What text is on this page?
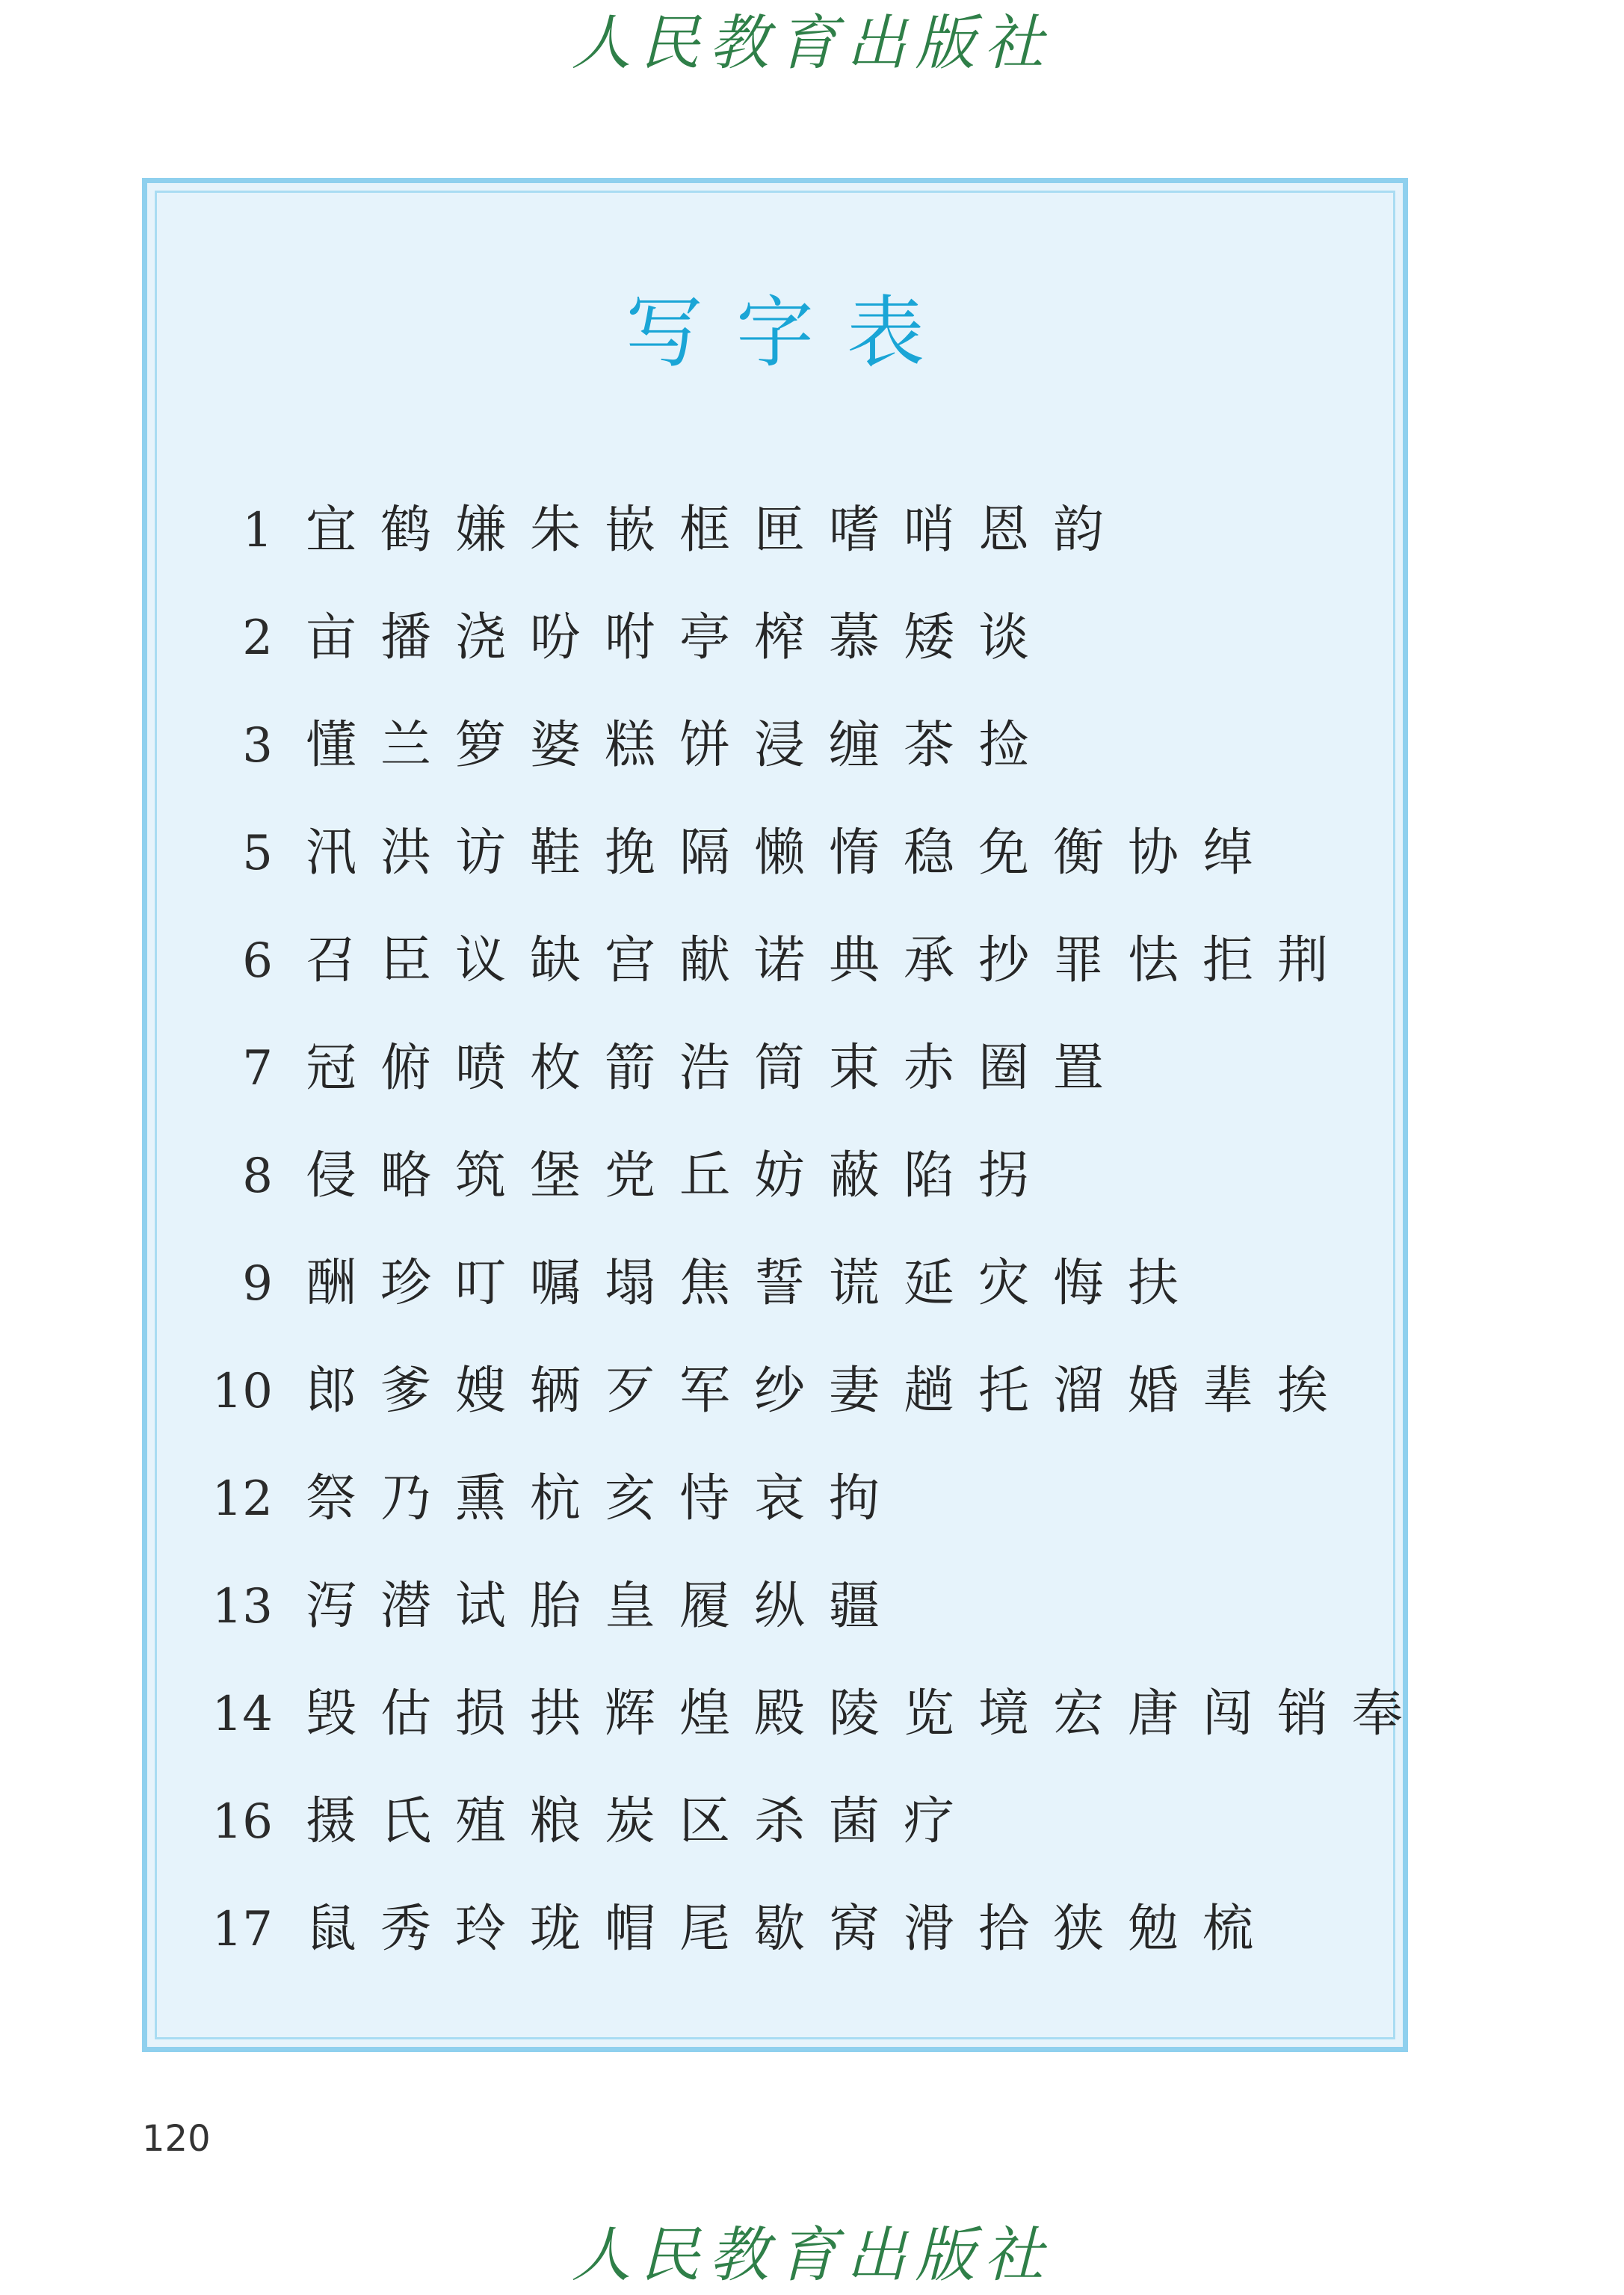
人民教育出版社
写字表
1 宜鹤嫌朱嵌框匣嗜哨恩韵
2 亩播浇吩咐亭榨慕矮谈
3 懂兰箩婆糕饼浸缠茶捡
5 汛洪访鞋挽隔懒惰稳免衡协绰
6 召臣议缺宫献诺典承抄罪怯拒荆
7 冠俯喷枚箭浩筒束赤圈置
8 侵略筑堡党丘妨蔽陷拐
9 酬珍叮嘱塌焦誓谎延灾悔扶
10 郎爹嫂辆歹军纱妻趟托溜婚辈挨
12 祭乃熏杭亥恃哀拘
13 泻潜试胎皇履纵疆
14 毁估损拱辉煌殿陵览境宏唐闯销奉
16 摄氏殖粮炭区杀菌疗
17 鼠秀玲珑帽尾歇窝滑拾狭勉梳
120
人民教育出版社
